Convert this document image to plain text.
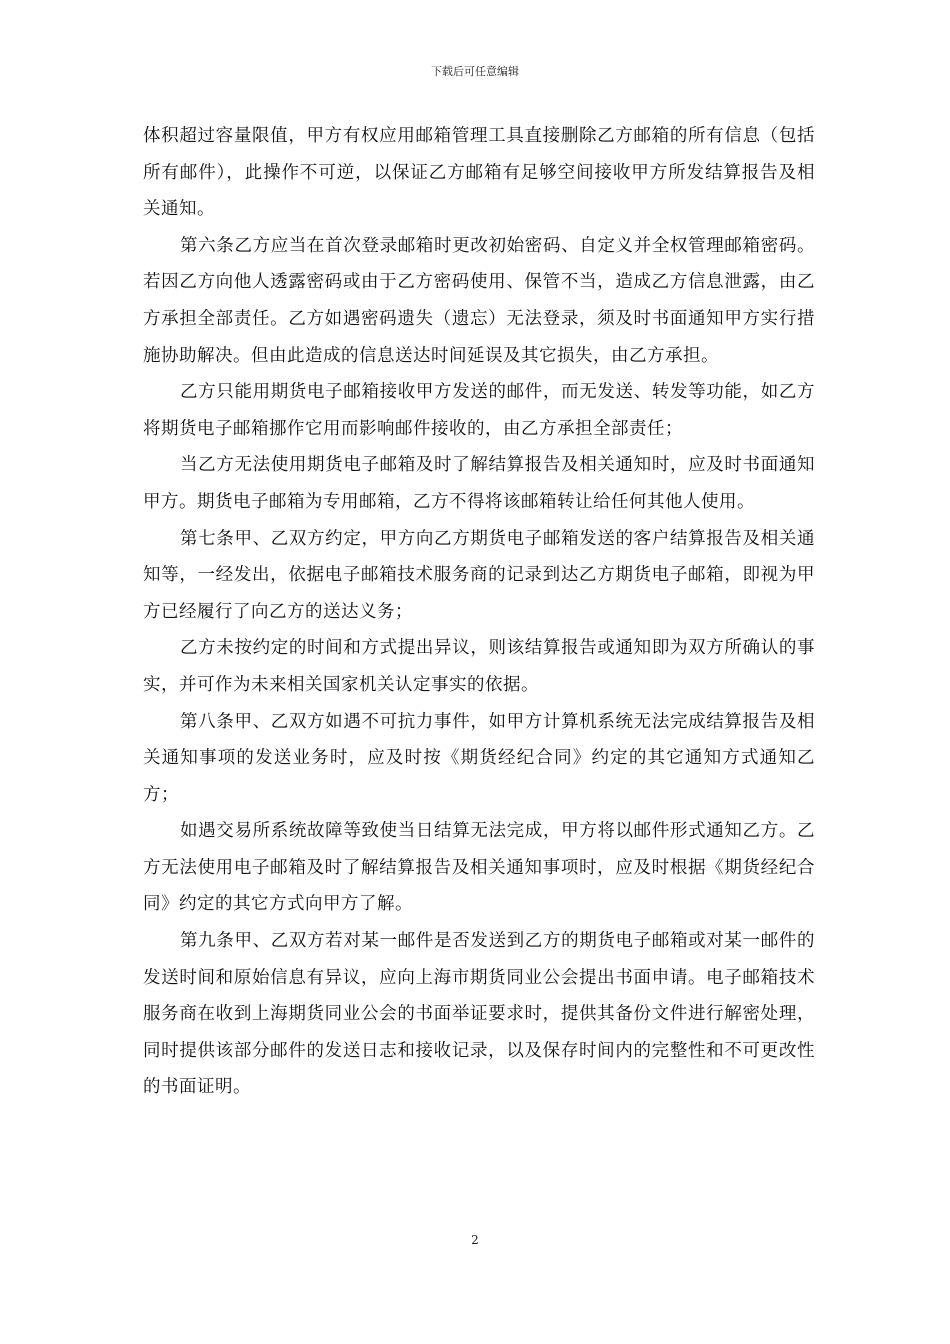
下载后可任意编辑

体积超过容量限值，甲方有权应用邮箱管理工具直接删除乙方邮箱的所有信息（包括所有邮件），此操作不可逆，以保证乙方邮箱有足够空间接收甲方所发结算报告及相关通知。

第六条乙方应当在首次登录邮箱时更改初始密码、自定义并全权管理邮箱密码。若因乙方向他人透露密码或由于乙方密码使用、保管不当，造成乙方信息泄露，由乙方承担全部责任。乙方如遇密码遗失（遗忘）无法登录，须及时书面通知甲方实行措施协助解决。但由此造成的信息送达时间延误及其它损失，由乙方承担。

乙方只能用期货电子邮箱接收甲方发送的邮件，而无发送、转发等功能，如乙方将期货电子邮箱挪作它用而影响邮件接收的，由乙方承担全部责任；

当乙方无法使用期货电子邮箱及时了解结算报告及相关通知时，应及时书面通知甲方。期货电子邮箱为专用邮箱，乙方不得将该邮箱转让给任何其他人使用。

第七条甲、乙双方约定，甲方向乙方期货电子邮箱发送的客户结算报告及相关通知等，一经发出，依据电子邮箱技术服务商的记录到达乙方期货电子邮箱，即视为甲方已经履行了向乙方的送达义务；

乙方未按约定的时间和方式提出异议，则该结算报告或通知即为双方所确认的事实，并可作为未来相关国家机关认定事实的依据。

第八条甲、乙双方如遇不可抗力事件，如甲方计算机系统无法完成结算报告及相关通知事项的发送业务时，应及时按《期货经纪合同》约定的其它通知方式通知乙方；

如遇交易所系统故障等致使当日结算无法完成，甲方将以邮件形式通知乙方。乙方无法使用电子邮箱及时了解结算报告及相关通知事项时，应及时根据《期货经纪合同》约定的其它方式向甲方了解。

第九条甲、乙双方若对某一邮件是否发送到乙方的期货电子邮箱或对某一邮件的发送时间和原始信息有异议，应向上海市期货同业公会提出书面申请。电子邮箱技术服务商在收到上海期货同业公会的书面举证要求时，提供其备份文件进行解密处理，同时提供该部分邮件的发送日志和接收记录，以及保存时间内的完整性和不可更改性的书面证明。

2
